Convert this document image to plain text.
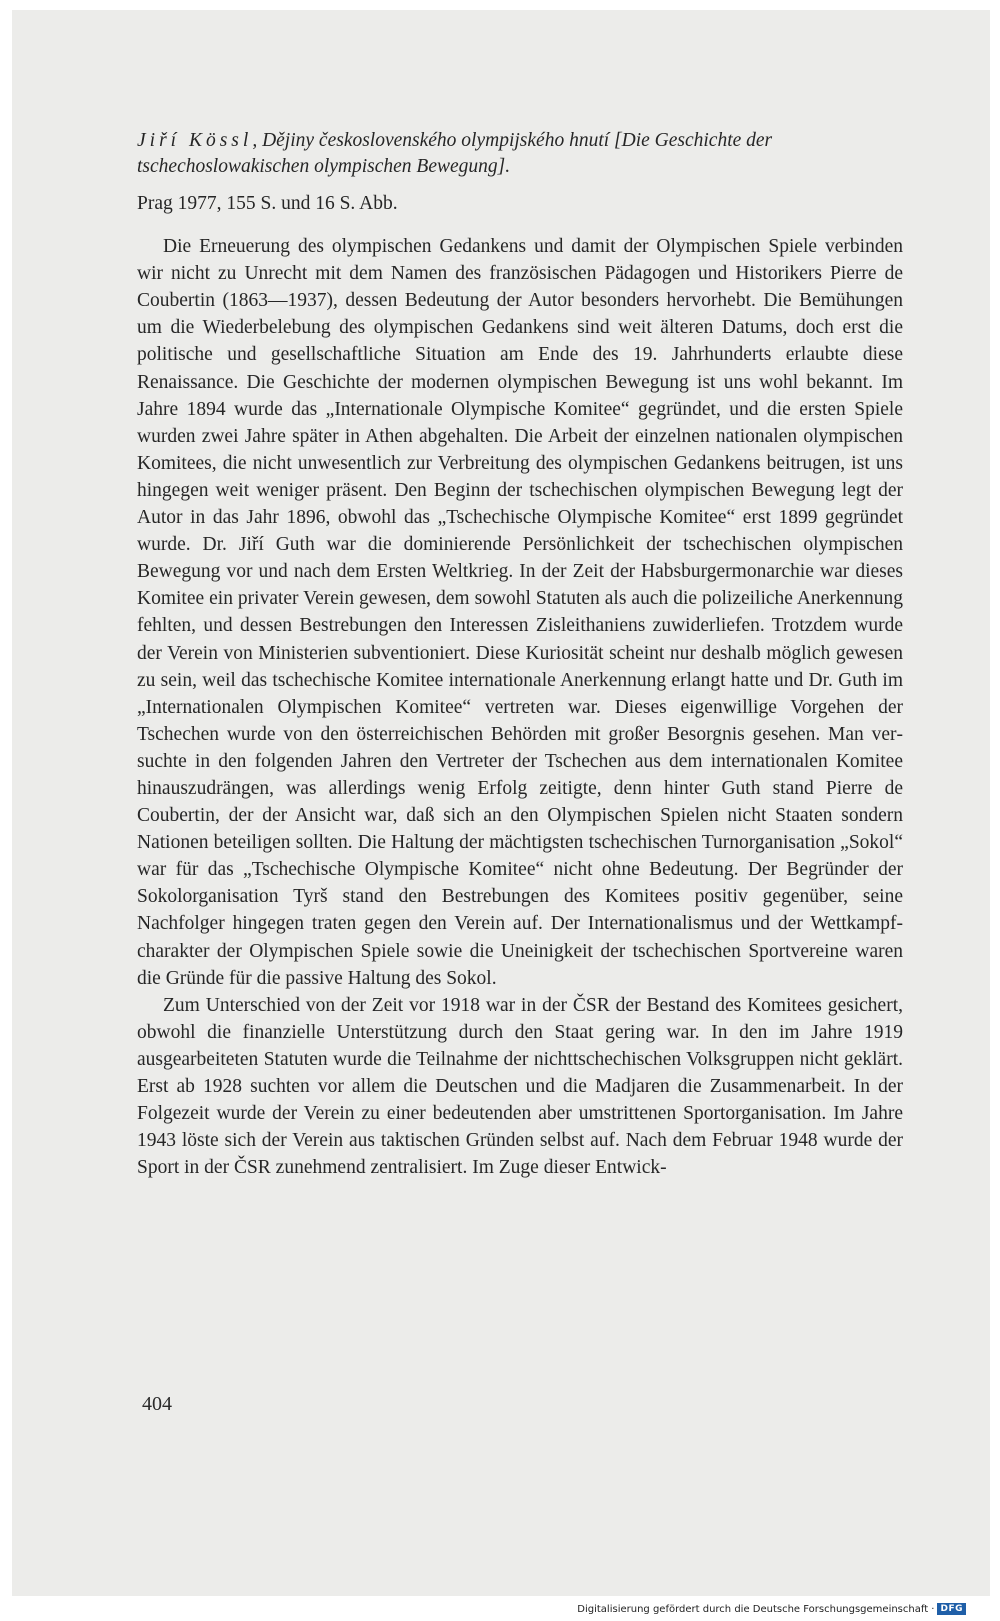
Jiří Kössl, Dějiny československého olympijského hnutí [Die Geschichte der tschechoslowakischen olympischen Bewegung].
Prag 1977, 155 S. und 16 S. Abb.

Die Erneuerung des olympischen Gedankens und damit der Olympischen Spiele verbinden wir nicht zu Unrecht mit dem Namen des französischen Pädagogen und Historikers Pierre de Coubertin (1863—1937), dessen Bedeutung der Autor besonders hervorhebt. Die Bemühungen um die Wiederbelebung des olympischen Gedankens sind weit älteren Datums, doch erst die politische und gesellschaftliche Situation am Ende des 19. Jahrhunderts erlaubte diese Renaissance. Die Geschichte der modernen olympischen Bewegung ist uns wohl bekannt. Im Jahre 1894 wurde das „Internationale Olympische Komitee“ gegründet, und die ersten Spiele wurden zwei Jahre später in Athen abgehalten. Die Arbeit der einzelnen nationalen olympischen Komitees, die nicht unwesentlich zur Verbreitung des olympischen Gedankens beitrugen, ist uns hingegen weit weniger präsent. Den Beginn der tschechischen olympischen Bewegung legt der Autor in das Jahr 1896, obwohl das „Tschechische Olympische Komitee“ erst 1899 gegründet wurde. Dr. Jiří Guth war die dominierende Persönlichkeit der tschechischen olympischen Bewegung vor und nach dem Ersten Weltkrieg. In der Zeit der Habsburgermonarchie war dieses Komitee ein privater Verein gewesen, dem sowohl Statuten als auch die polizeiliche Anerkennung fehlten, und dessen Bestrebungen den Interessen Zisleithaniens zuwiderliefen. Trotzdem wurde der Verein von Ministerien subventioniert. Diese Kuriosität scheint nur deshalb möglich gewesen zu sein, weil das tschechische Komitee internationale Anerkennung erlangt hatte und Dr. Guth im „Internationalen Olympischen Komitee“ vertreten war. Dieses eigenwillige Vorgehen der Tschechen wurde von den österreichischen Behörden mit großer Besorgnis gesehen. Man versuchte in den folgenden Jahren den Vertreter der Tschechen aus dem internationalen Komitee hinauszudrängen, was allerdings wenig Erfolg zeitigte, denn hinter Guth stand Pierre de Coubertin, der der Ansicht war, daß sich an den Olympischen Spielen nicht Staaten sondern Nationen beteiligen sollten. Die Haltung der mächtigsten tschechischen Turnorganisation „Sokol“ war für das „Tschechische Olympische Komitee“ nicht ohne Bedeutung. Der Begründer der Sokolorganisation Tyrš stand den Bestrebungen des Komitees positiv gegenüber, seine Nachfolger hingegen traten gegen den Verein auf. Der Internationalismus und der Wettkampfcharakter der Olympischen Spiele sowie die Uneinigkeit der tschechischen Sportvereine waren die Gründe für die passive Haltung des Sokol.

Zum Unterschied von der Zeit vor 1918 war in der ČSR der Bestand des Komitees gesichert, obwohl die finanzielle Unterstützung durch den Staat gering war. In den im Jahre 1919 ausgearbeiteten Statuten wurde die Teilnahme der nichttschechischen Volksgruppen nicht geklärt. Erst ab 1928 suchten vor allem die Deutschen und die Madjaren die Zusammenarbeit. In der Folgezeit wurde der Verein zu einer bedeutenden aber umstrittenen Sportorganisation. Im Jahre 1943 löste sich der Verein aus taktischen Gründen selbst auf. Nach dem Februar 1948 wurde der Sport in der ČSR zunehmend zentralisiert. Im Zuge dieser Entwick-

404
Digitalisierung gefördert durch die Deutsche Forschungsgemeinschaft · DFG
